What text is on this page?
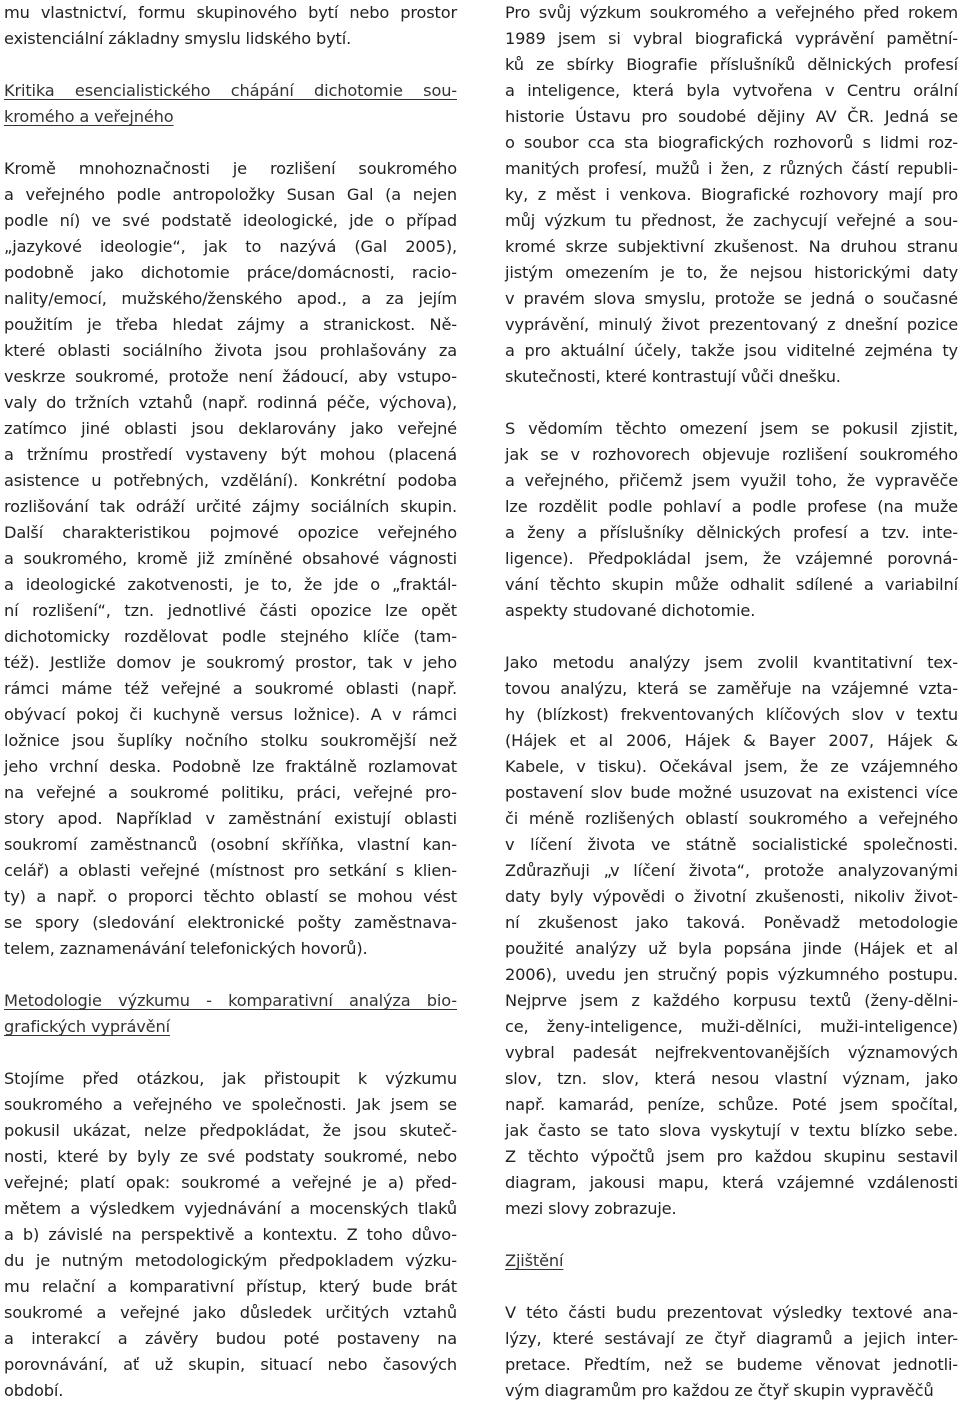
mu vlastnictví, formu skupinového bytí nebo prostor
existenciální základny smyslu lidského bytí.
Kritika esencialistického chápání dichotomie sou-
kromého a veřejného
Kromě mnohoznačnosti je rozlišení soukromého
a veřejného podle antropoložky Susan Gal (a nejen
podle ní) ve své podstatě ideologické, jde o případ
„jazykové ideologie“, jak to nazývá (Gal 2005),
podobně jako dichotomie práce/domácnosti, racio-
nality/emocí, mužského/ženského apod., a za jejím
použitím je třeba hledat zájmy a stranickost. Ně-
které oblasti sociálního života jsou prohlašovány za
veskrze soukromé, protože není žádoucí, aby vstupo-
valy do tržních vztahů (např. rodinná péče, výchova),
zatímco jiné oblasti jsou deklarovány jako veřejné
a tržnímu prostředí vystaveny být mohou (placená
asistence u potřebných, vzdělání). Konkrétní podoba
rozlišování tak odráží určité zájmy sociálních skupin.
Další charakteristikou pojmové opozice veřejného
a soukromého, kromě již zmíněné obsahové vágnosti
a ideologické zakotvenosti, je to, že jde o „fraktál-
ní rozlišení“, tzn. jednotlivé části opozice lze opět
dichotomicky rozdělovat podle stejného klíče (tam-
též). Jestliže domov je soukromý prostor, tak v jeho
rámci máme též veřejné a soukromé oblasti (např.
obývací pokoj či kuchyně versus ložnice). A v rámci
ložnice jsou šuplíky nočního stolku soukromější než
jeho vrchní deska. Podobně lze fraktálně rozlamovat
na veřejné a soukromé politiku, práci, veřejné pro-
story apod. Například v zaměstnání existují oblasti
soukromí zaměstnanců (osobní skříňka, vlastní kan-
celář) a oblasti veřejné (místnost pro setkání s klien-
ty) a např. o proporci těchto oblastí se mohou vést
se spory (sledování elektronické pošty zaměstnava-
telem, zaznamenávání telefonických hovorů).
Metodologie výzkumu - komparativní analýza bio-
grafických vyprávění
Stojíme před otázkou, jak přistoupit k výzkumu
soukromého a veřejného ve společnosti. Jak jsem se
pokusil ukázat, nelze předpokládat, že jsou skuteč-
nosti, které by byly ze své podstaty soukromé, nebo
veřejné; platí opak: soukromé a veřejné je a) před-
mětem a výsledkem vyjednávání a mocenských tlaků
a b) závislé na perspektivě a kontextu. Z toho důvo-
du je nutným metodologickým předpokladem výzku-
mu relační a komparativní přístup, který bude brát
soukromé a veřejné jako důsledek určitých vztahů
a interakcí a závěry budou poté postaveny na
porovnávání, ať už skupin, situací nebo časových
období.
Pro svůj výzkum soukromého a veřejného před rokem
1989 jsem si vybral biografická vyprávění pamětní-
ků ze sbírky Biografie příslušníků dělnických profesí
a inteligence, která byla vytvořena v Centru orální
historie Ústavu pro soudobé dějiny AV ČR. Jedná se
o soubor cca sta biografických rozhovorů s lidmi roz-
manitých profesí, mužů i žen, z různých částí republi-
ky, z měst i venkova. Biografické rozhovory mají pro
můj výzkum tu přednost, že zachycují veřejné a sou-
kromé skrze subjektivní zkušenost. Na druhou stranu
jistým omezením je to, že nejsou historickými daty
v pravém slova smyslu, protože se jedná o současné
vyprávění, minulý život prezentovaný z dnešní pozice
a pro aktuální účely, takže jsou viditelné zejména ty
skutečnosti, které kontrastují vůči dnešku.
S vědomím těchto omezení jsem se pokusil zjistit,
jak se v rozhovorech objevuje rozlišení soukromého
a veřejného, přičemž jsem využil toho, že vypravěče
lze rozdělit podle pohlaví a podle profese (na muže
a ženy a příslušníky dělnických profesí a tzv. inte-
ligence). Předpokládal jsem, že vzájemné porovná-
vání těchto skupin může odhalit sdílené a variabilní
aspekty studované dichotomie.
Jako metodu analýzy jsem zvolil kvantitativní tex-
tovou analýzu, která se zaměřuje na vzájemné vzta-
hy (blízkost) frekventovaných klíčových slov v textu
(Hájek et al 2006, Hájek & Bayer 2007, Hájek &
Kabele, v tisku). Očekával jsem, že ze vzájemného
postavení slov bude možné usuzovat na existenci více
či méně rozlišených oblastí soukromého a veřejného
v líčení života ve státně socialistické společnosti.
Zdůrazňuji „v líčení života“, protože analyzovanými
daty byly výpovědi o životní zkušenosti, nikoliv život-
ní zkušenost jako taková. Poněvadž metodologie
použité analýzy už byla popsána jinde (Hájek et al
2006), uvedu jen stručný popis výzkumného postupu.
Nejprve jsem z každého korpusu textů (ženy-dělni-
ce, ženy-inteligence, muži-dělníci, muži-inteligence)
vybral padesát nejfrekventovanějších významových
slov, tzn. slov, která nesou vlastní význam, jako
např. kamarád, peníze, schůze. Poté jsem spočítal,
jak často se tato slova vyskytují v textu blízko sebe.
Z těchto výpočtů jsem pro každou skupinu sestavil
diagram, jakousi mapu, která vzájemné vzdálenosti
mezi slovy zobrazuje.
Zjištění
V této části budu prezentovat výsledky textové ana-
lýzy, které sestávají ze čtyř diagramů a jejich inter-
pretace. Předtím, než se budeme věnovat jednotli-
vým diagramům pro každou ze čtyř skupin vypravěčů
